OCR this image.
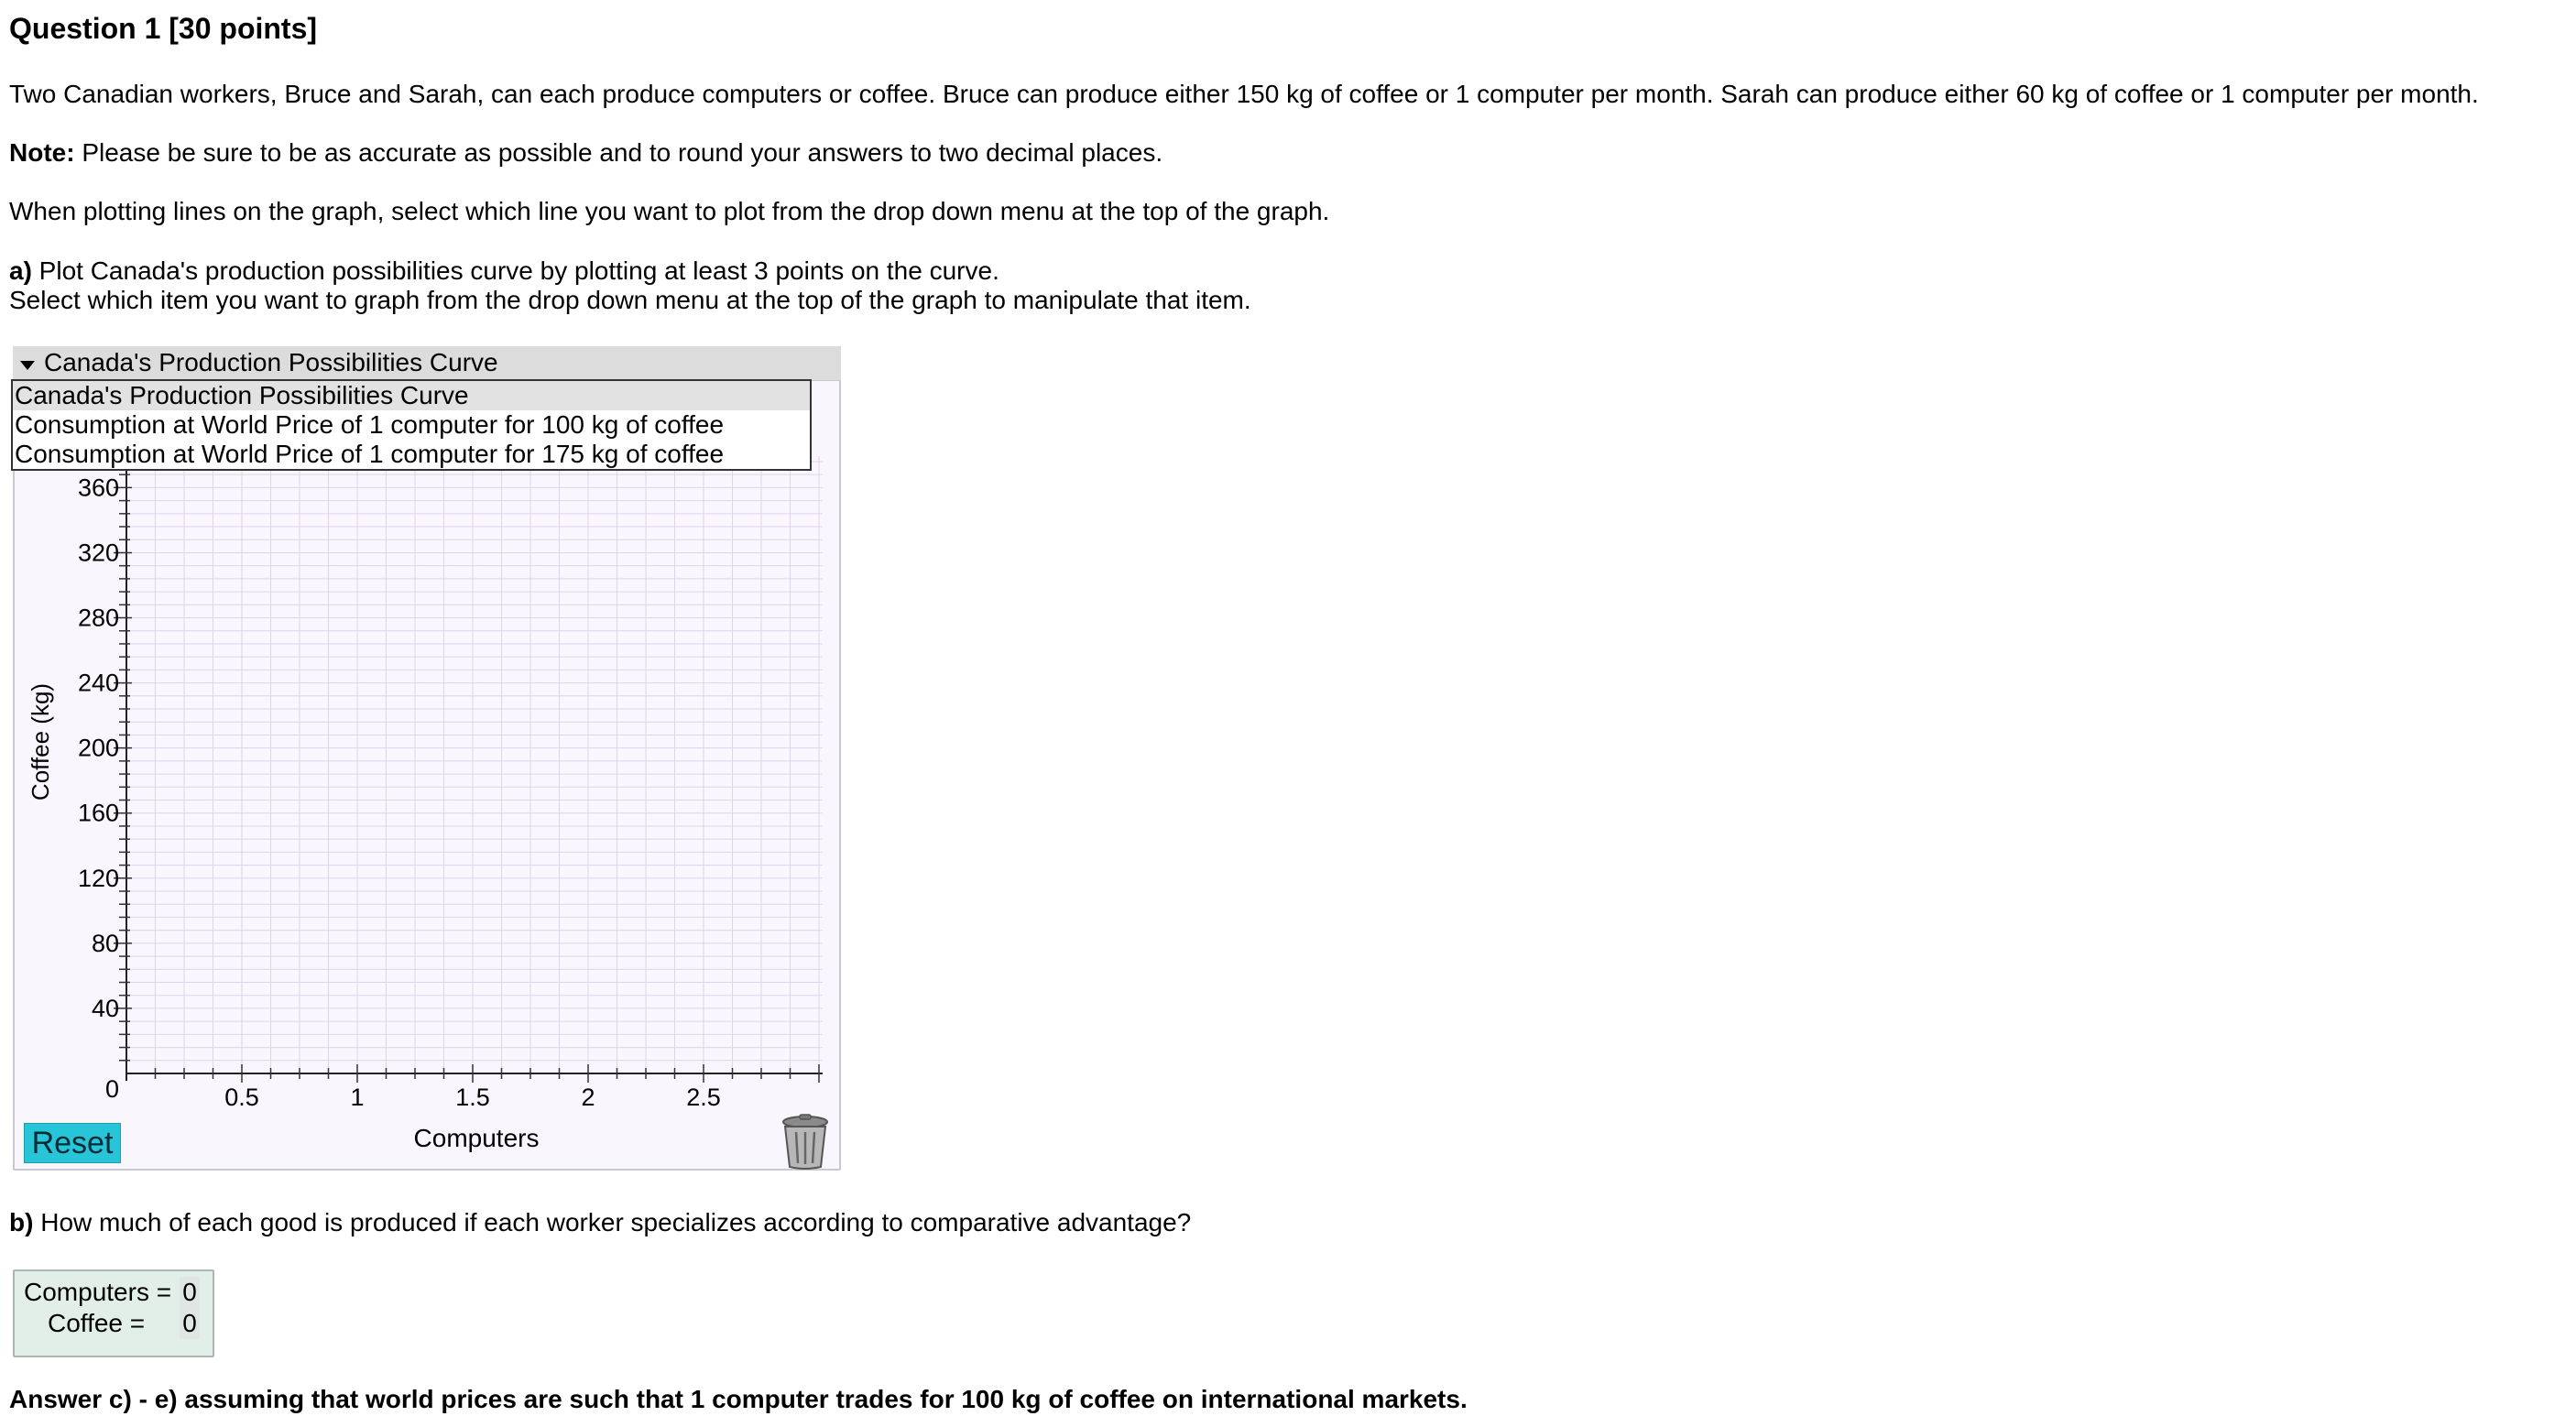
Question 1 [30 points]
Two Canadian workers, Bruce and Sarah, can each produce computers or coffee. Bruce can produce either 150 kg of coffee or 1 computer per month. Sarah can produce either 60 kg of coffee or 1 computer per month.
Note: Please be sure to be as accurate as possible and to round your answers to two decimal places.
When plotting lines on the graph, select which line you want to plot from the drop down menu at the top of the graph.
a) Plot Canada's production possibilities curve by plotting at least 3 points on the curve.
Select which item you want to graph from the drop down menu at the top of the graph to manipulate that item.
360
320
280
240
200
160
120
80
40
0.5	1	1.5	2	2.5
0
Computers
Coffee (kg)
Canada's Production Possibilities Curve
Canada's Production Possibilities Curve
Consumption at World Price of 1 computer for 100 kg of coffee
Consumption at World Price of 1 computer for 175 kg of coffee
Reset
b) How much of each good is produced if each worker specializes according to comparative advantage?
Computers = 0
Coffee = 0
Answer c) - e) assuming that world prices are such that 1 computer trades for 100 kg of coffee on international markets.
